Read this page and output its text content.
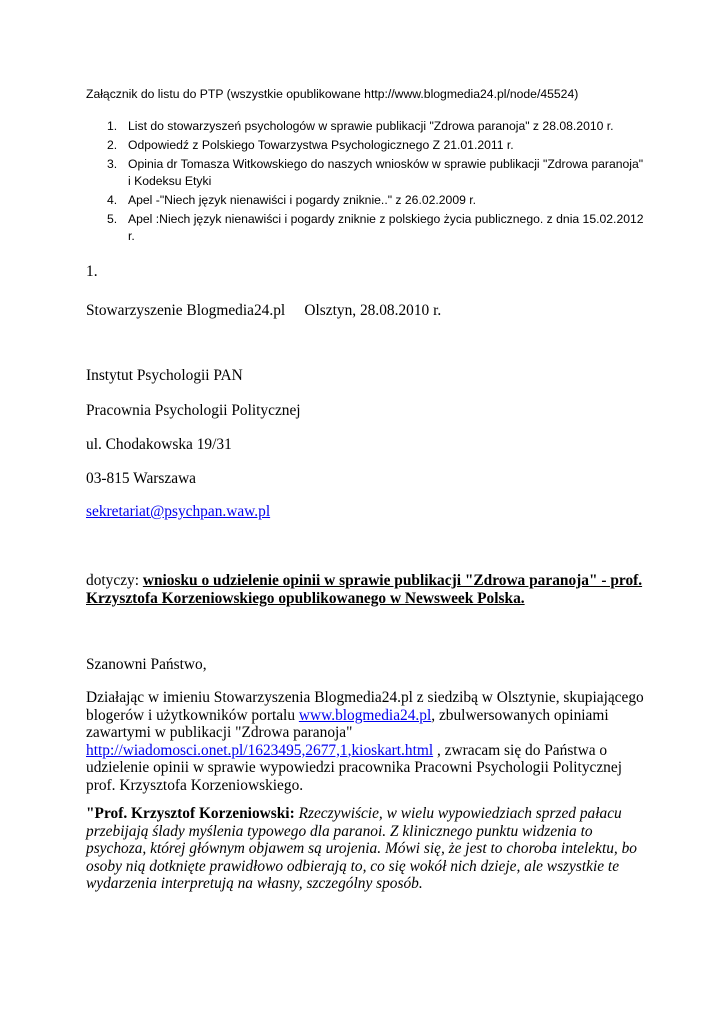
Załącznik do listu do PTP (wszystkie opublikowane http://www.blogmedia24.pl/node/45524)

1. List do stowarzyszeń psychologów w sprawie publikacji "Zdrowa paranoja" z 28.08.2010 r.
2. Odpowiedź z Polskiego Towarzystwa Psychologicznego Z 21.01.2011 r.
3. Opinia dr Tomasza Witkowskiego do naszych wniosków w sprawie publikacji "Zdrowa paranoja" i Kodeksu Etyki
4. Apel -"Niech język nienawiści i pogardy zniknie.." z 26.02.2009 r.
5. Apel :Niech język nienawiści i pogardy zniknie z polskiego życia publicznego. z dnia 15.02.2012 r.

1.

Stowarzyszenie Blogmedia24.pl     Olsztyn, 28.08.2010 r.

Instytut Psychologii PAN

Pracownia Psychologii Politycznej

ul. Chodakowska 19/31

03-815 Warszawa

sekretariat@psychpan.waw.pl

dotyczy: wniosku o udzielenie opinii w sprawie publikacji "Zdrowa paranoja" - prof. Krzysztofa Korzeniowskiego opublikowanego w Newsweek Polska.

Szanowni Państwo,

Działając w imieniu Stowarzyszenia Blogmedia24.pl z siedzibą w Olsztynie, skupiającego blogerów i użytkowników portalu www.blogmedia24.pl, zbulwersowanych opiniami zawartymi w publikacji "Zdrowa paranoja" http://wiadomosci.onet.pl/1623495,2677,1,kioskart.html , zwracam się do Państwa o udzielenie opinii w sprawie wypowiedzi pracownika Pracowni Psychologii Politycznej prof. Krzysztofa Korzeniowskiego.

"Prof. Krzysztof Korzeniowski: Rzeczywiście, w wielu wypowiedziach sprzed pałacu przebijają ślady myślenia typowego dla paranoi. Z klinicznego punktu widzenia to psychoza, której głównym objawem są urojenia. Mówi się, że jest to choroba intelektu, bo osoby nią dotknięte prawidłowo odbierają to, co się wokół nich dzieje, ale wszystkie te wydarzenia interpretują na własny, szczególny sposób.
